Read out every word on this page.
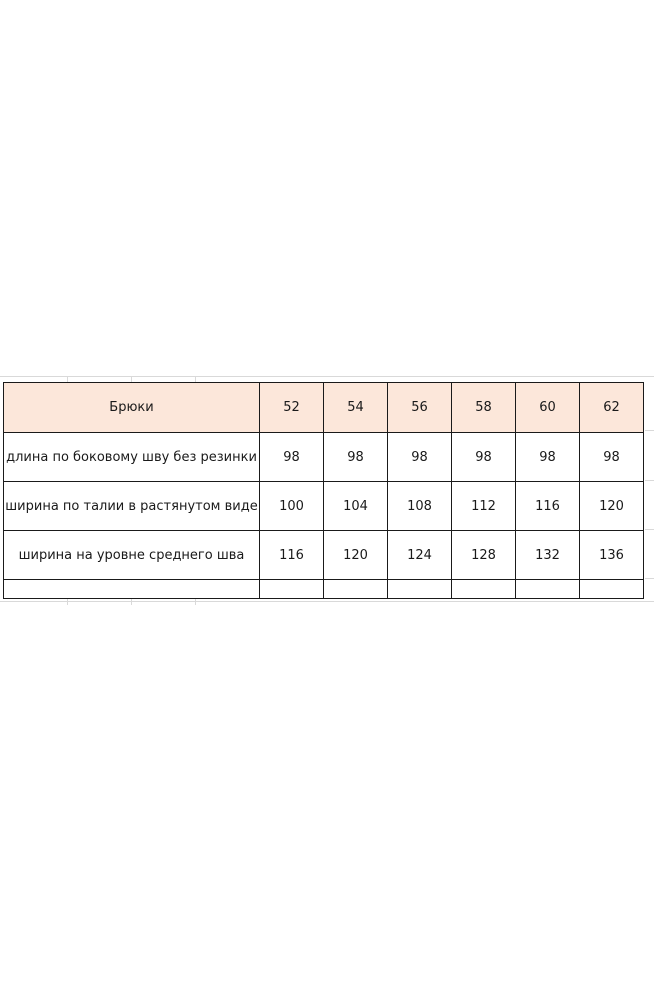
Брюки	52	54	56	58	60	62
длина по боковому шву без резинки	98	98	98	98	98	98
ширина по талии в растянутом виде	100	104	108	112	116	120
ширина на уровне среднего шва	116	120	124	128	132	136
